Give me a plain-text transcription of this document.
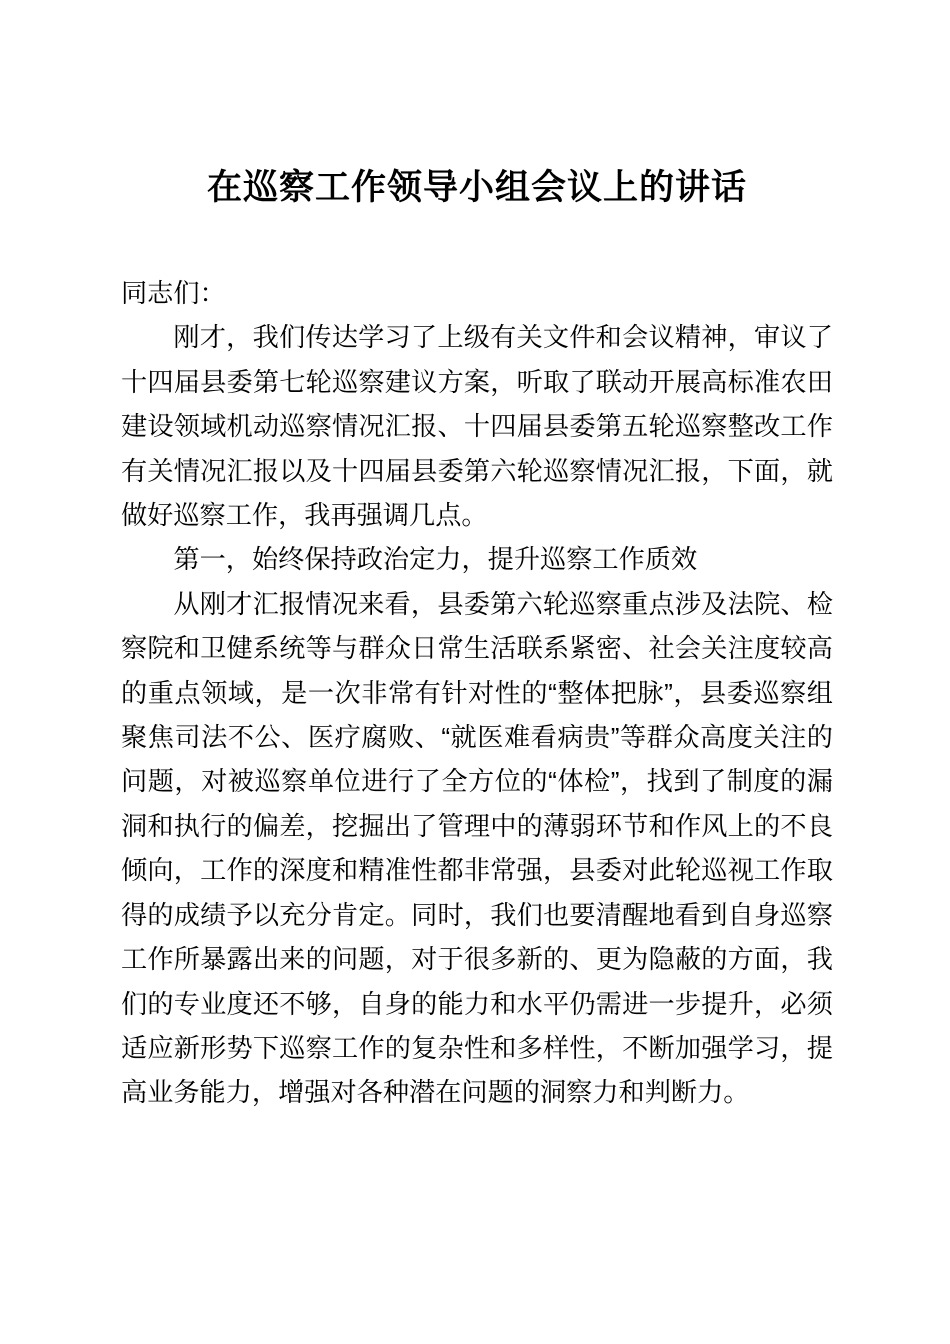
在巡察工作领导小组会议上的讲话

同志们：

刚才，我们传达学习了上级有关文件和会议精神，审议了十四届县委第七轮巡察建议方案，听取了联动开展高标准农田建设领域机动巡察情况汇报、十四届县委第五轮巡察整改工作有关情况汇报以及十四届县委第六轮巡察情况汇报，下面，就做好巡察工作，我再强调几点。

第一，始终保持政治定力，提升巡察工作质效

从刚才汇报情况来看，县委第六轮巡察重点涉及法院、检察院和卫健系统等与群众日常生活联系紧密、社会关注度较高的重点领域，是一次非常有针对性的“整体把脉”，县委巡察组聚焦司法不公、医疗腐败、“就医难看病贵”等群众高度关注的问题，对被巡察单位进行了全方位的“体检”，找到了制度的漏洞和执行的偏差，挖掘出了管理中的薄弱环节和作风上的不良倾向，工作的深度和精准性都非常强，县委对此轮巡视工作取得的成绩予以充分肯定。同时，我们也要清醒地看到自身巡察工作所暴露出来的问题，对于很多新的、更为隐蔽的方面，我们的专业度还不够，自身的能力和水平仍需进一步提升，必须适应新形势下巡察工作的复杂性和多样性，不断加强学习，提高业务能力，增强对各种潜在问题的洞察力和判断力。
